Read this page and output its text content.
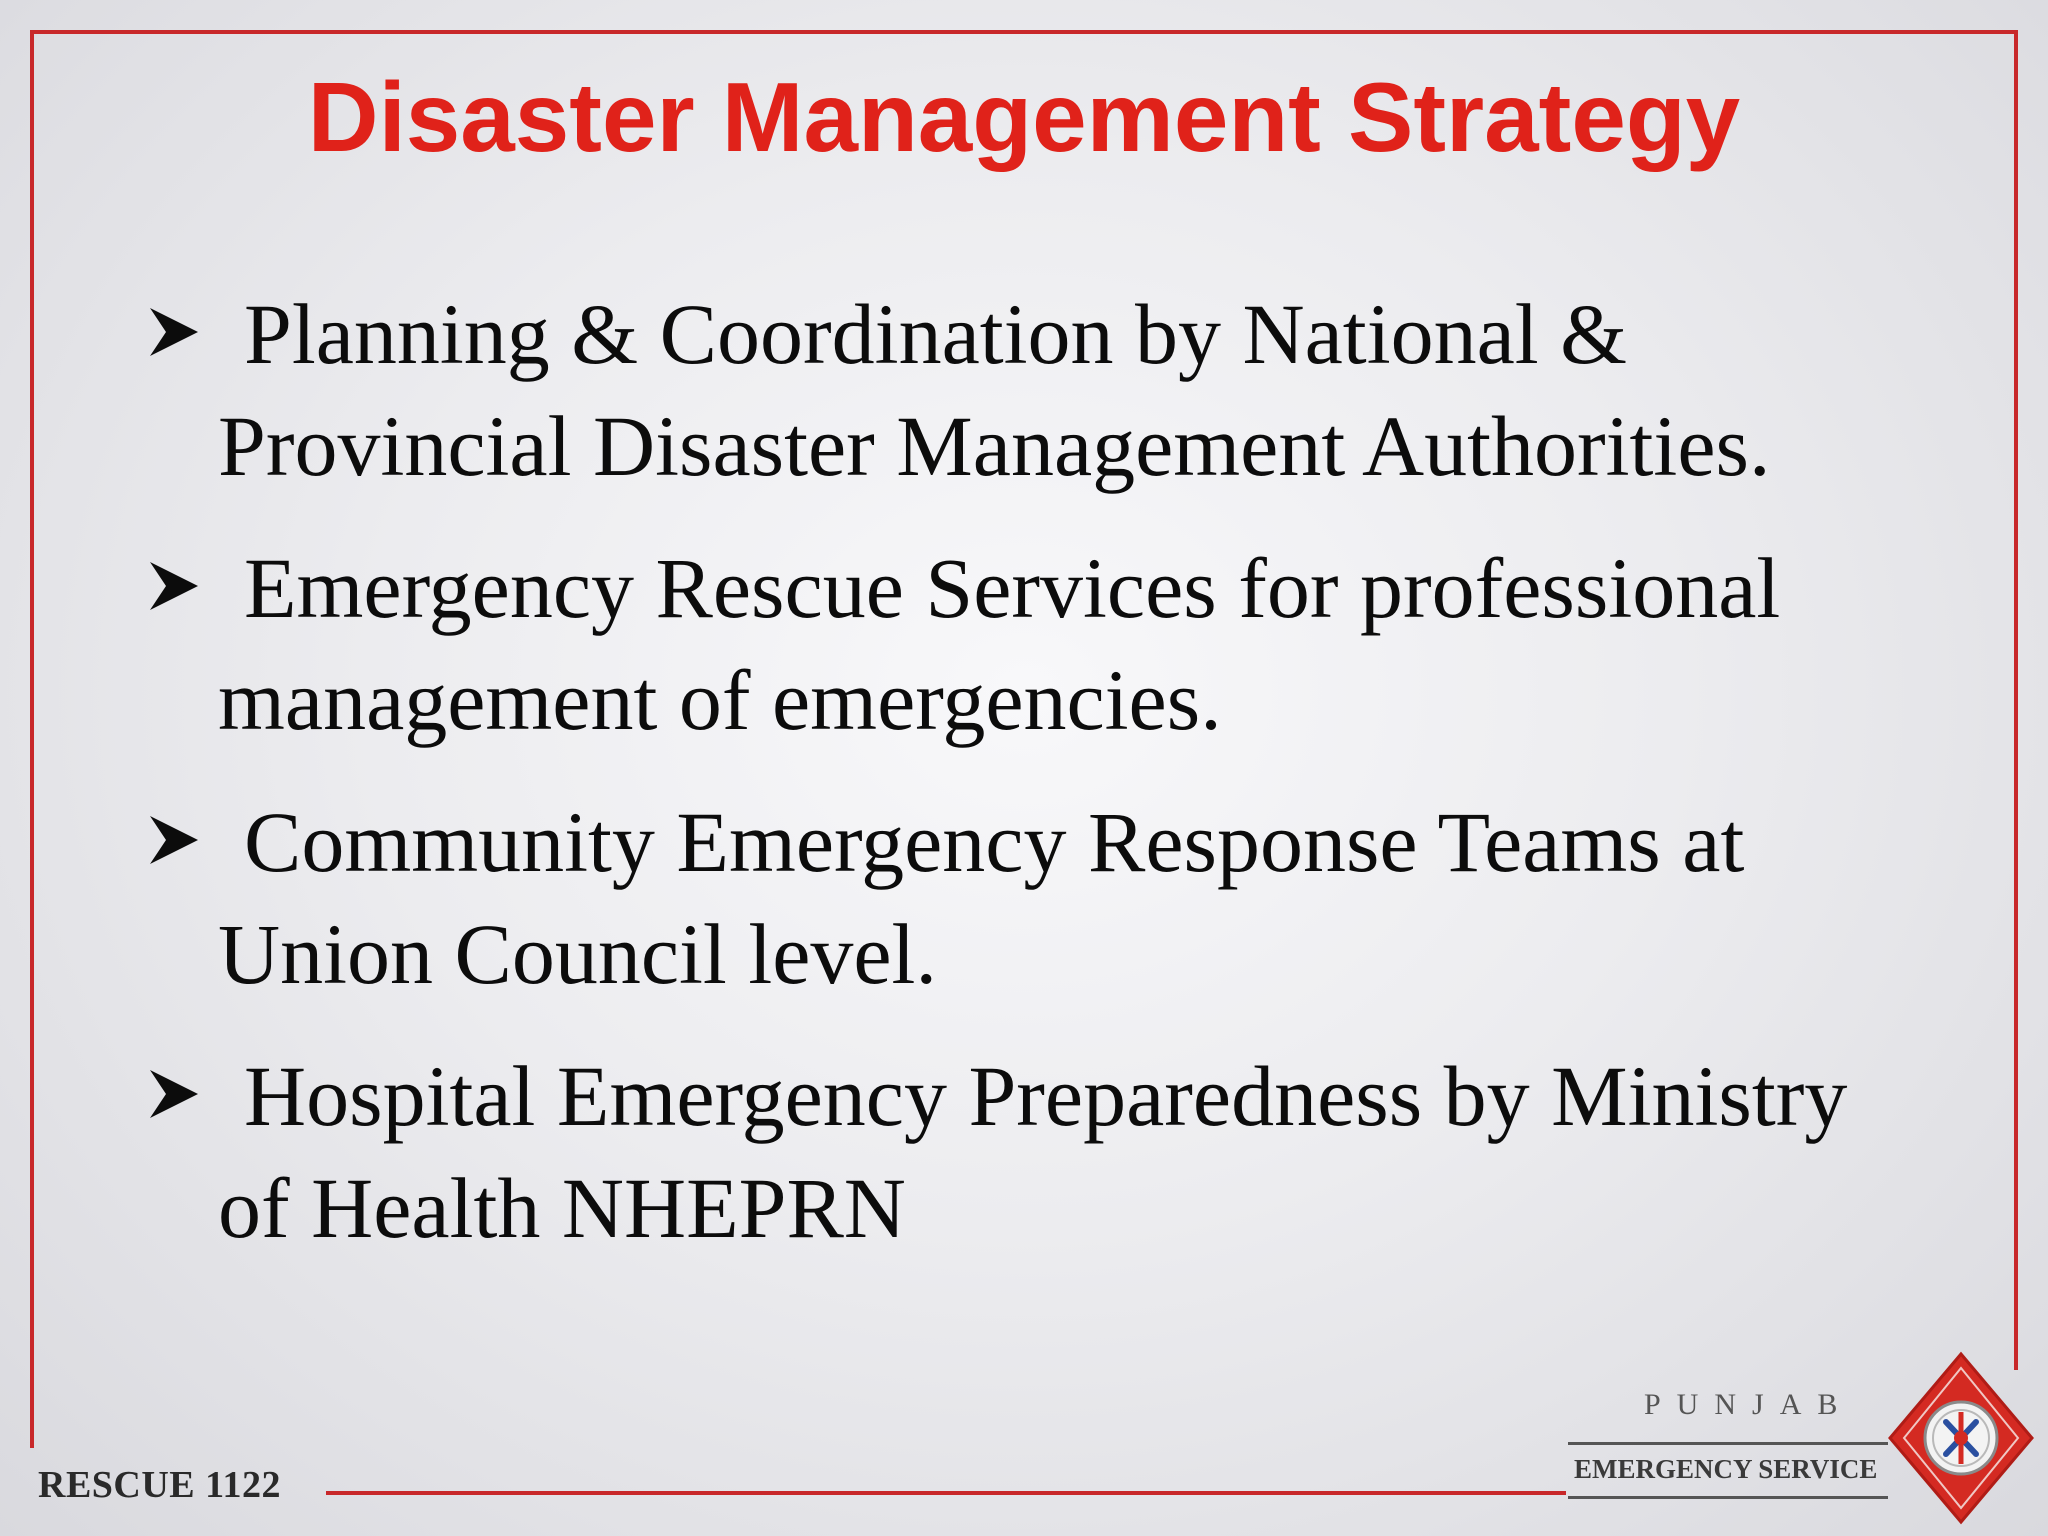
Disaster Management Strategy
Planning & Coordination by National &
Provincial Disaster Management Authorities.
Emergency Rescue Services for professional
management of emergencies.
Community Emergency Response Teams at
Union Council level.
Hospital Emergency Preparedness by Ministry
of Health NHEPRN
RESCUE 1122
PUNJAB
EMERGENCY SERVICE
